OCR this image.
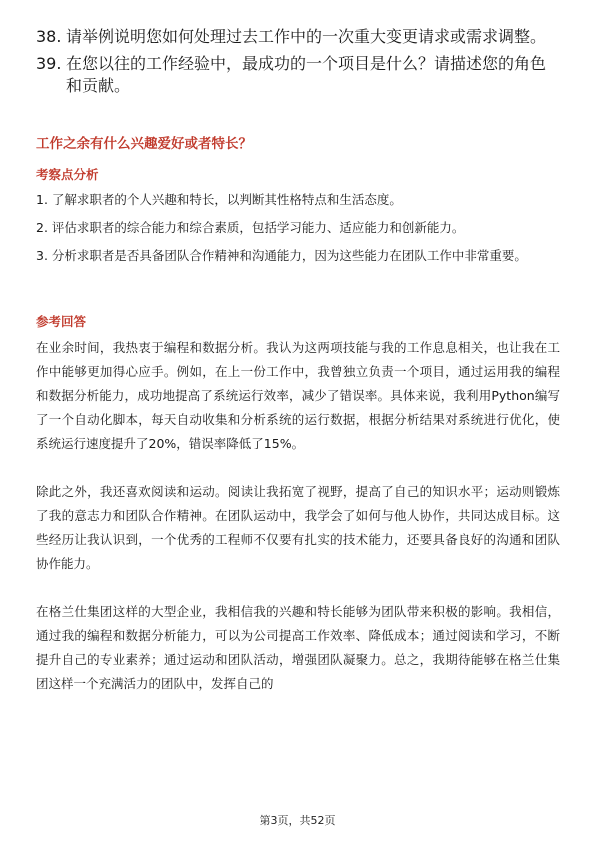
38. 请举例说明您如何处理过去工作中的一次重大变更请求或需求调整。
39. 在您以往的工作经验中，最成功的一个项目是什么？请描述您的角色和贡献。
工作之余有什么兴趣爱好或者特长？
考察点分析

1. 了解求职者的个人兴趣和特长，以判断其性格特点和生活态度。

2. 评估求职者的综合能力和综合素质，包括学习能力、适应能力和创新能力。

3. 分析求职者是否具备团队合作精神和沟通能力，因为这些能力在团队工作中非常重要。

参考回答

在业余时间，我热衷于编程和数据分析。我认为这两项技能与我的工作息息相关，也让我在工作中能够更加得心应手。例如，在上一份工作中，我曾独立负责一个项目，通过运用我的编程和数据分析能力，成功地提高了系统运行效率，减少了错误率。具体来说，我利用Python编写了一个自动化脚本，每天自动收集和分析系统的运行数据，根据分析结果对系统进行优化，使系统运行速度提升了20%，错误率降低了15%。

除此之外，我还喜欢阅读和运动。阅读让我拓宽了视野，提高了自己的知识水平；运动则锻炼了我的意志力和团队合作精神。在团队运动中，我学会了如何与他人协作，共同达成目标。这些经历让我认识到，一个优秀的工程师不仅要有扎实的技术能力，还要具备良好的沟通和团队协作能力。

在格兰仕集团这样的大型企业，我相信我的兴趣和特长能够为团队带来积极的影响。我相信，通过我的编程和数据分析能力，可以为公司提高工作效率、降低成本；通过阅读和学习，不断提升自己的专业素养；通过运动和团队活动，增强团队凝聚力。总之，我期待能够在格兰仕集团这样一个充满活力的团队中，发挥自己的

第3页，共52页
